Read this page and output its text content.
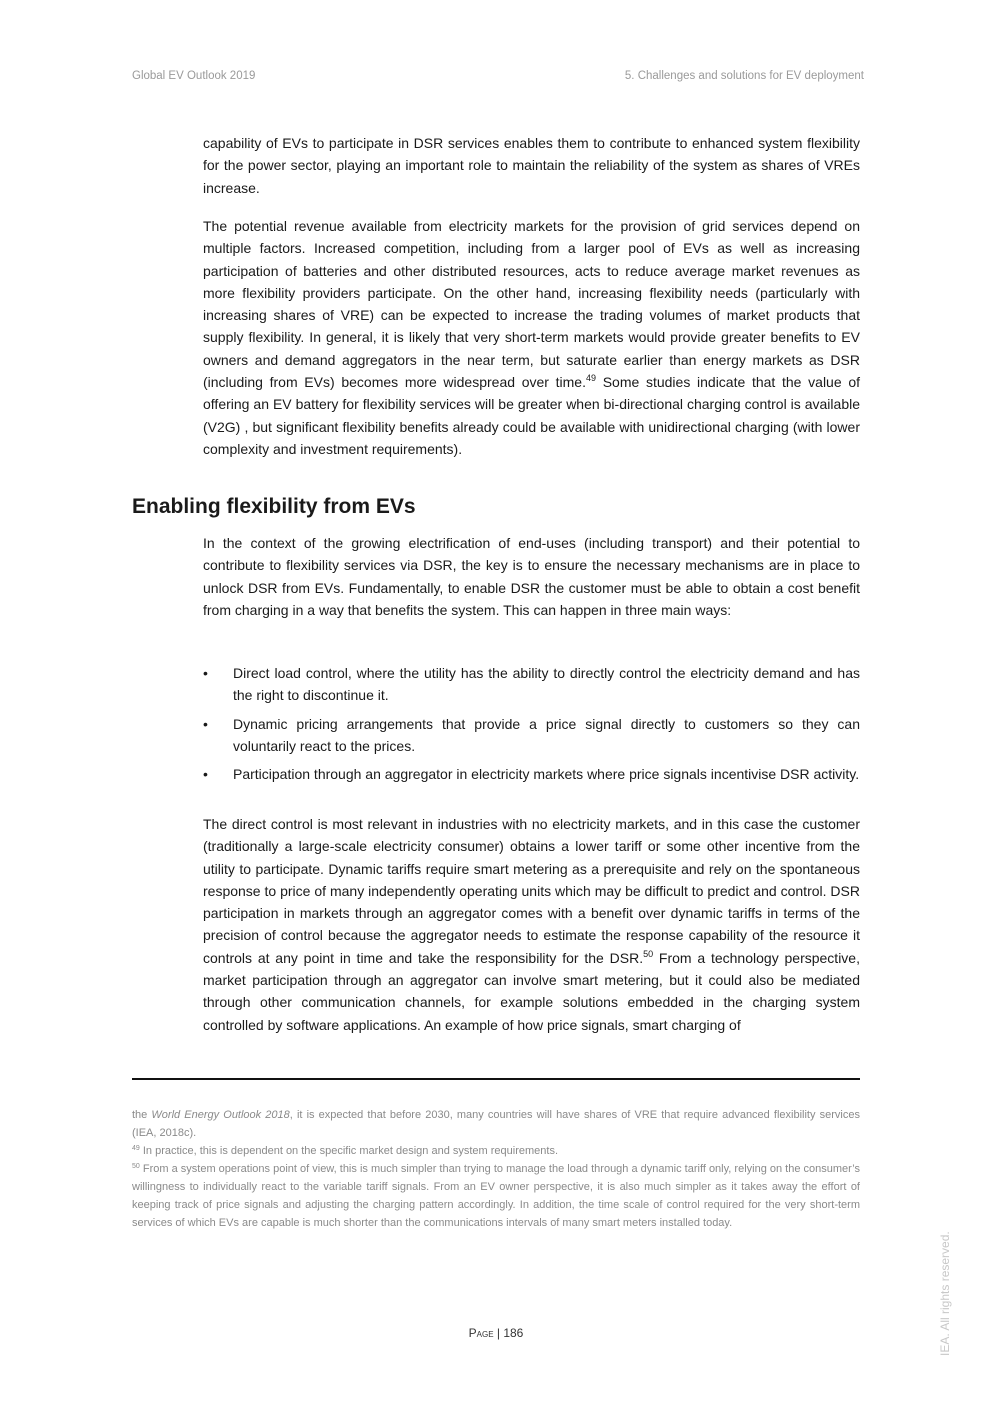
Global EV Outlook 2019	5. Challenges and solutions for EV deployment

capability of EVs to participate in DSR services enables them to contribute to enhanced system flexibility for the power sector, playing an important role to maintain the reliability of the system as shares of VREs increase.

The potential revenue available from electricity markets for the provision of grid services depend on multiple factors. Increased competition, including from a larger pool of EVs as well as increasing participation of batteries and other distributed resources, acts to reduce average market revenues as more flexibility providers participate. On the other hand, increasing flexibility needs (particularly with increasing shares of VRE) can be expected to increase the trading volumes of market products that supply flexibility. In general, it is likely that very short-term markets would provide greater benefits to EV owners and demand aggregators in the near term, but saturate earlier than energy markets as DSR (including from EVs) becomes more widespread over time.$^{49}$ Some studies indicate that the value of offering an EV battery for flexibility services will be greater when bi-directional charging control is available (V2G) , but significant flexibility benefits already could be available with unidirectional charging (with lower complexity and investment requirements).

Enabling flexibility from EVs

In the context of the growing electrification of end-uses (including transport) and their potential to contribute to flexibility services via DSR, the key is to ensure the necessary mechanisms are in place to unlock DSR from EVs. Fundamentally, to enable DSR the customer must be able to obtain a cost benefit from charging in a way that benefits the system. This can happen in three main ways:

• Direct load control, where the utility has the ability to directly control the electricity demand and has the right to discontinue it.
• Dynamic pricing arrangements that provide a price signal directly to customers so they can voluntarily react to the prices.
• Participation through an aggregator in electricity markets where price signals incentivise DSR activity.

The direct control is most relevant in industries with no electricity markets, and in this case the customer (traditionally a large-scale electricity consumer) obtains a lower tariff or some other incentive from the utility to participate. Dynamic tariffs require smart metering as a prerequisite and rely on the spontaneous response to price of many independently operating units which may be difficult to predict and control. DSR participation in markets through an aggregator comes with a benefit over dynamic tariffs in terms of the precision of control because the aggregator needs to estimate the response capability of the resource it controls at any point in time and take the responsibility for the DSR.$^{50}$ From a technology perspective, market participation through an aggregator can involve smart metering, but it could also be mediated through other communication channels, for example solutions embedded in the charging system controlled by software applications. An example of how price signals, smart charging of

the World Energy Outlook 2018, it is expected that before 2030, many countries will have shares of VRE that require advanced flexibility services (IEA, 2018c).

$^{49}$ In practice, this is dependent on the specific market design and system requirements.

$^{50}$ From a system operations point of view, this is much simpler than trying to manage the load through a dynamic tariff only, relying on the consumer’s willingness to individually react to the variable tariff signals. From an EV owner perspective, it is also much simpler as it takes away the effort of keeping track of price signals and adjusting the charging pattern accordingly. In addition, the time scale of control required for the very short-term services of which EVs are capable is much shorter than the communications intervals of many smart meters installed today.

Page | 186	IEA. All rights reserved.
